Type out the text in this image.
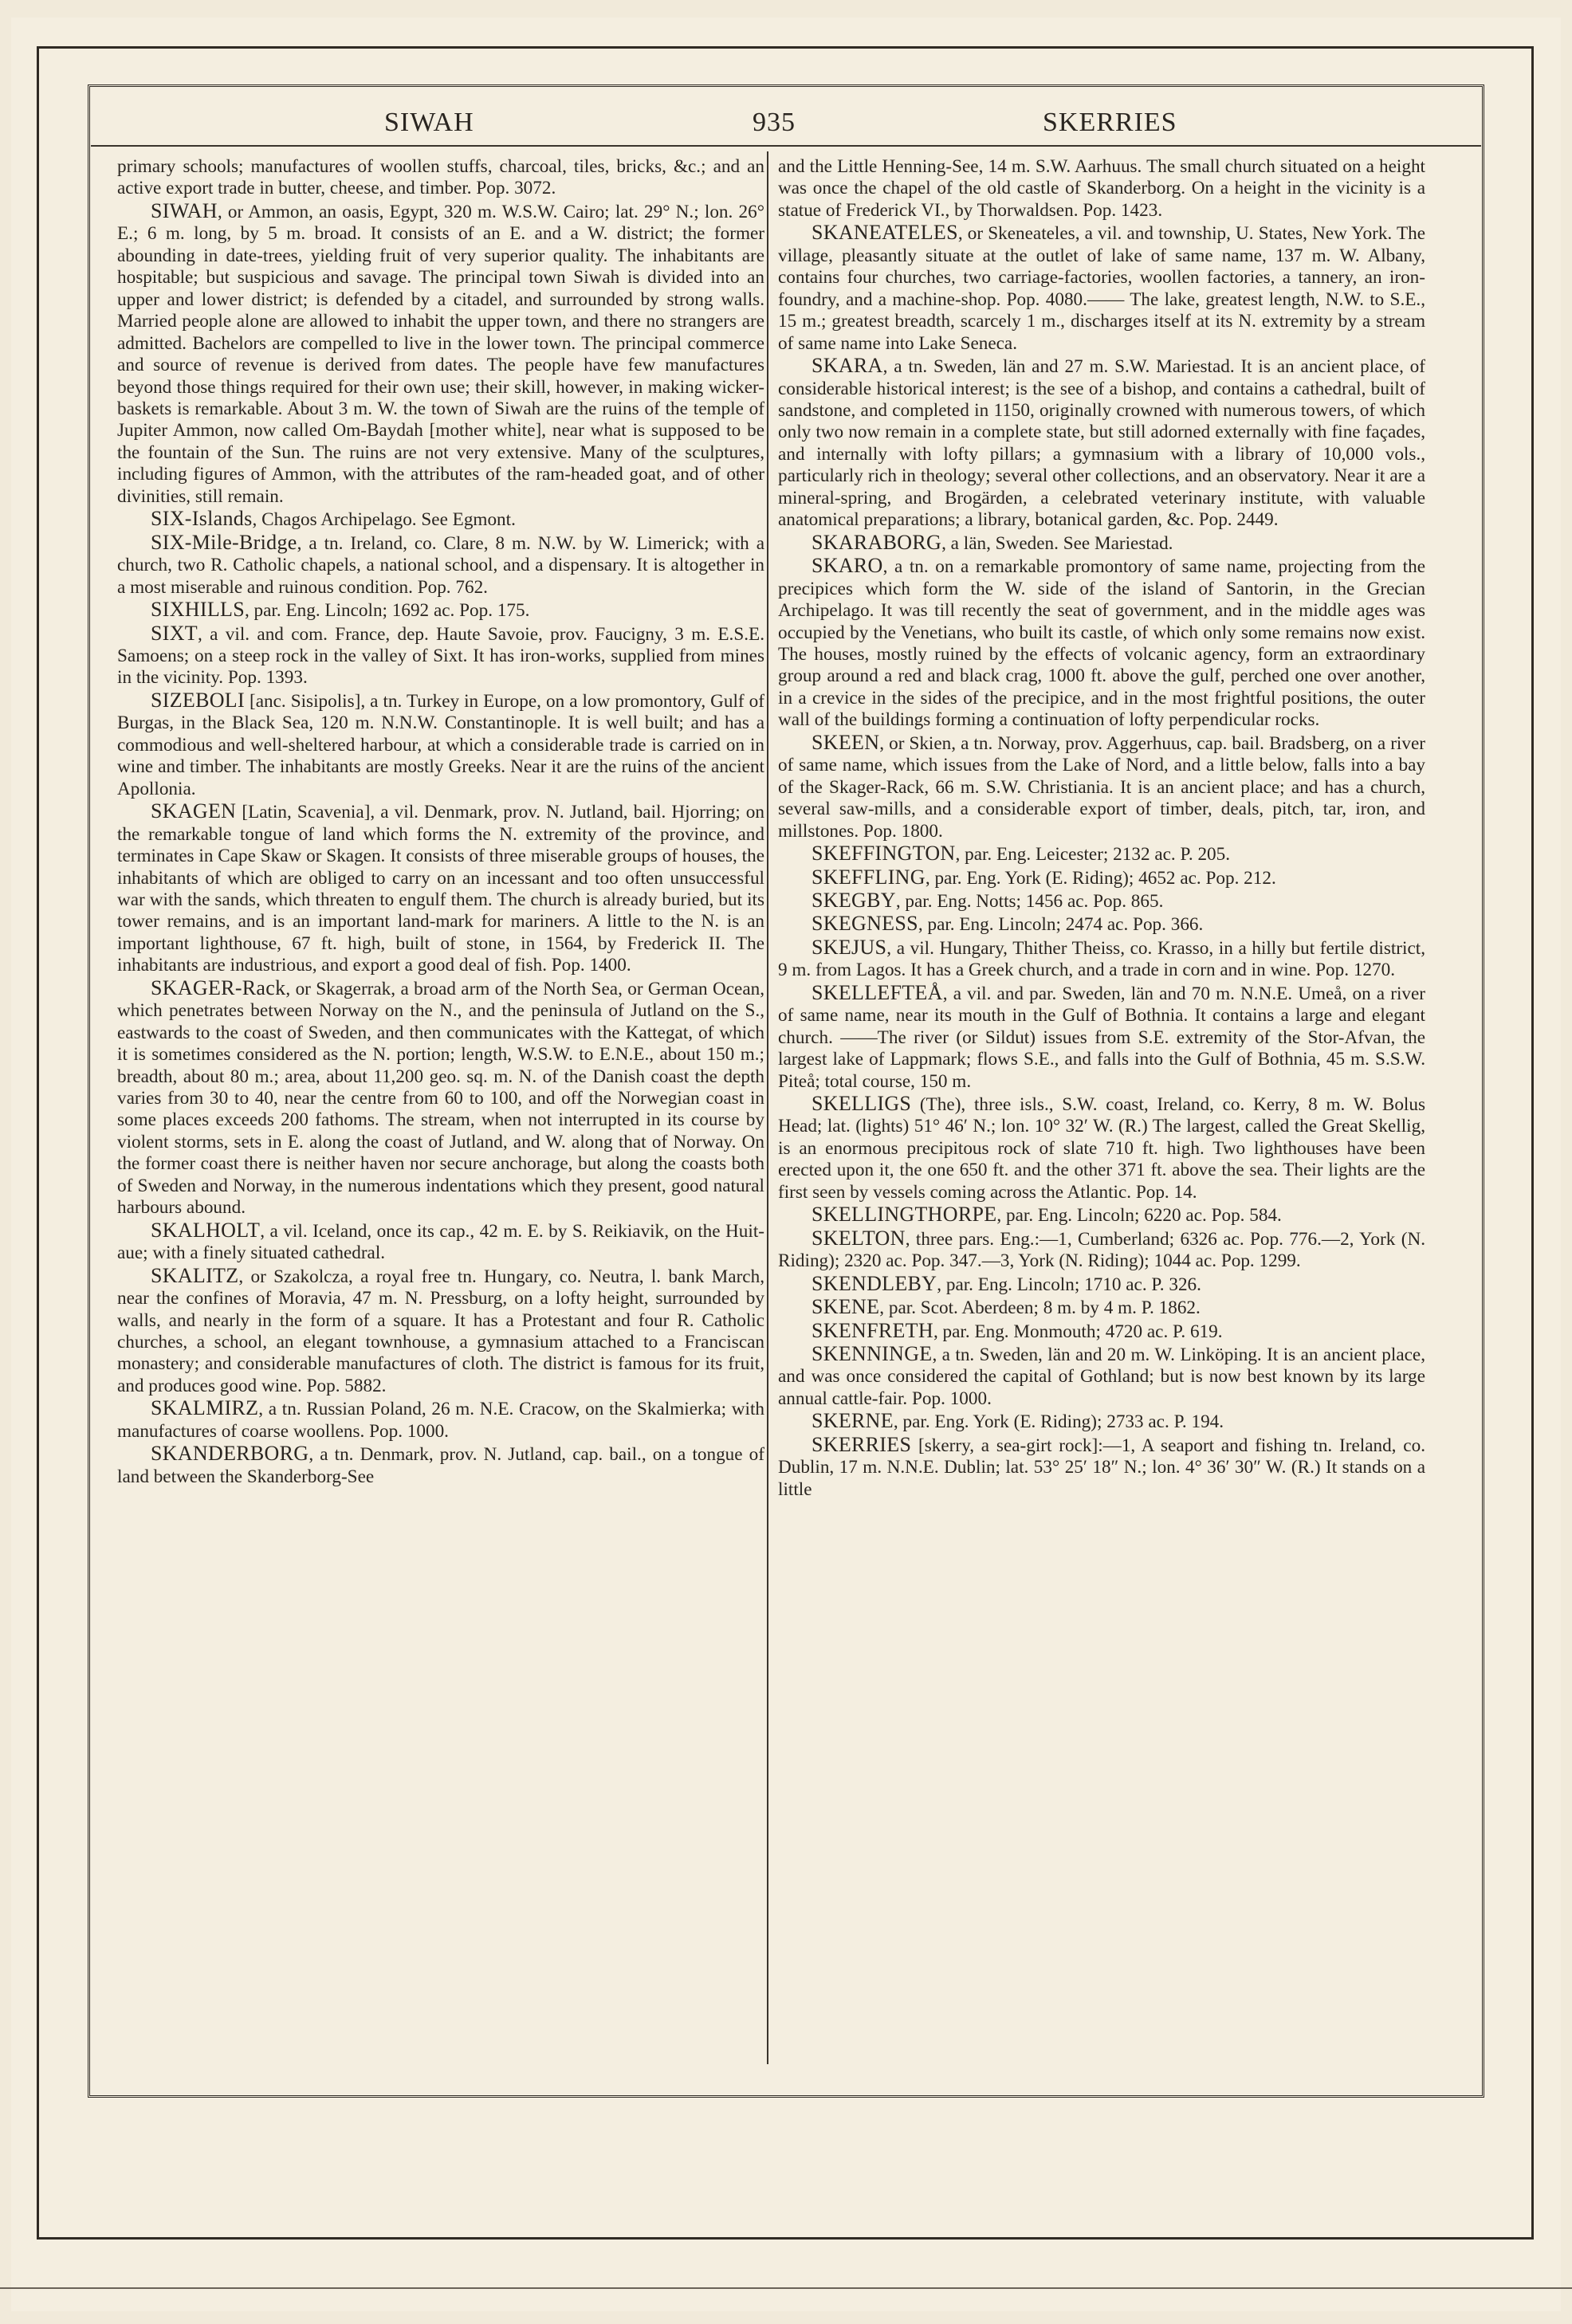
SIWAH	935	SKERRIES

primary schools; manufactures of woollen stuffs, charcoal, tiles, bricks, &c.; and an active export trade in butter, cheese, and timber. Pop. 3072.

SIWAH, or Ammon, an oasis, Egypt, 320 m. W.S.W. Cairo; lat. 29° N.; lon. 26° E.; 6 m. long, by 5 m. broad. It consists of an E. and a W. district; the former abounding in date-trees, yielding fruit of very superior quality. The inhabitants are hospitable; but suspicious and savage. The principal town Siwah is divided into an upper and lower district; is defended by a citadel, and surrounded by strong walls. Married people alone are allowed to inhabit the upper town, and there no strangers are admitted. Bachelors are compelled to live in the lower town. The principal commerce and source of revenue is derived from dates. The people have few manufactures beyond those things required for their own use; their skill, however, in making wicker-baskets is remarkable. About 3 m. W. the town of Siwah are the ruins of the temple of Jupiter Ammon, now called Om-Baydah [mother white], near what is supposed to be the fountain of the Sun. The ruins are not very extensive. Many of the sculptures, including figures of Ammon, with the attributes of the ram-headed goat, and of other divinities, still remain.

SIX-Islands, Chagos Archipelago. See Egmont.

SIX-Mile-Bridge, a tn. Ireland, co. Clare, 8 m. N.W. by W. Limerick; with a church, two R. Catholic chapels, a national school, and a dispensary. It is altogether in a most miserable and ruinous condition. Pop. 762.

SIXHILLS, par. Eng. Lincoln; 1692 ac. Pop. 175.

SIXT, a vil. and com. France, dep. Haute Savoie, prov. Faucigny, 3 m. E.S.E. Samoens; on a steep rock in the valley of Sixt. It has iron-works, supplied from mines in the vicinity. Pop. 1393.

SIZEBOLI [anc. Sisipolis], a tn. Turkey in Europe, on a low promontory, Gulf of Burgas, in the Black Sea, 120 m. N.N.W. Constantinople. It is well built; and has a commodious and well-sheltered harbour, at which a considerable trade is carried on in wine and timber. The inhabitants are mostly Greeks. Near it are the ruins of the ancient Apollonia.

SKAGEN [Latin, Scavenia], a vil. Denmark, prov. N. Jutland, bail. Hjorring; on the remarkable tongue of land which forms the N. extremity of the province, and terminates in Cape Skaw or Skagen. It consists of three miserable groups of houses, the inhabitants of which are obliged to carry on an incessant and too often unsuccessful war with the sands, which threaten to engulf them. The church is already buried, but its tower remains, and is an important land-mark for mariners. A little to the N. is an important lighthouse, 67 ft. high, built of stone, in 1564, by Frederick II. The inhabitants are industrious, and export a good deal of fish. Pop. 1400.

SKAGER-Rack, or Skagerrak, a broad arm of the North Sea, or German Ocean, which penetrates between Norway on the N., and the peninsula of Jutland on the S., eastwards to the coast of Sweden, and then communicates with the Kattegat, of which it is sometimes considered as the N. portion; length, W.S.W. to E.N.E., about 150 m.; breadth, about 80 m.; area, about 11,200 geo. sq. m. N. of the Danish coast the depth varies from 30 to 40, near the centre from 60 to 100, and off the Norwegian coast in some places exceeds 200 fathoms. The stream, when not interrupted in its course by violent storms, sets in E. along the coast of Jutland, and W. along that of Norway. On the former coast there is neither haven nor secure anchorage, but along the coasts both of Sweden and Norway, in the numerous indentations which they present, good natural harbours abound.

SKALHOLT, a vil. Iceland, once its cap., 42 m. E. by S. Reikiavik, on the Huit-aue; with a finely situated cathedral.

SKALITZ, or Szakolcza, a royal free tn. Hungary, co. Neutra, l. bank March, near the confines of Moravia, 47 m. N. Pressburg, on a lofty height, surrounded by walls, and nearly in the form of a square. It has a Protestant and four R. Catholic churches, a school, an elegant townhouse, a gymnasium attached to a Franciscan monastery; and considerable manufactures of cloth. The district is famous for its fruit, and produces good wine. Pop. 5882.

SKALMIRZ, a tn. Russian Poland, 26 m. N.E. Cracow, on the Skalmierka; with manufactures of coarse woollens. Pop. 1000.

SKANDERBORG, a tn. Denmark, prov. N. Jutland, cap. bail., on a tongue of land between the Skanderborg-See

and the Little Henning-See, 14 m. S.W. Aarhuus. The small church situated on a height was once the chapel of the old castle of Skanderborg. On a height in the vicinity is a statue of Frederick VI., by Thorwaldsen. Pop. 1423.

SKANEATELES, or Skeneateles, a vil. and township, U. States, New York. The village, pleasantly situate at the outlet of lake of same name, 137 m. W. Albany, contains four churches, two carriage-factories, woollen factories, a tannery, an iron-foundry, and a machine-shop. Pop. 4080.—— The lake, greatest length, N.W. to S.E., 15 m.; greatest breadth, scarcely 1 m., discharges itself at its N. extremity by a stream of same name into Lake Seneca.

SKARA, a tn. Sweden, län and 27 m. S.W. Mariestad. It is an ancient place, of considerable historical interest; is the see of a bishop, and contains a cathedral, built of sandstone, and completed in 1150, originally crowned with numerous towers, of which only two now remain in a complete state, but still adorned externally with fine façades, and internally with lofty pillars; a gymnasium with a library of 10,000 vols., particularly rich in theology; several other collections, and an observatory. Near it are a mineral-spring, and Brogärden, a celebrated veterinary institute, with valuable anatomical preparations; a library, botanical garden, &c. Pop. 2449.

SKARABORG, a län, Sweden. See Mariestad.

SKARO, a tn. on a remarkable promontory of same name, projecting from the precipices which form the W. side of the island of Santorin, in the Grecian Archipelago. It was till recently the seat of government, and in the middle ages was occupied by the Venetians, who built its castle, of which only some remains now exist. The houses, mostly ruined by the effects of volcanic agency, form an extraordinary group around a red and black crag, 1000 ft. above the gulf, perched one over another, in a crevice in the sides of the precipice, and in the most frightful positions, the outer wall of the buildings forming a continuation of lofty perpendicular rocks.

SKEEN, or Skien, a tn. Norway, prov. Aggerhuus, cap. bail. Bradsberg, on a river of same name, which issues from the Lake of Nord, and a little below, falls into a bay of the Skager-Rack, 66 m. S.W. Christiania. It is an ancient place; and has a church, several saw-mills, and a considerable export of timber, deals, pitch, tar, iron, and millstones. Pop. 1800.

SKEFFINGTON, par. Eng. Leicester; 2132 ac. P. 205.

SKEFFLING, par. Eng. York (E. Riding); 4652 ac. Pop. 212.

SKEGBY, par. Eng. Notts; 1456 ac. Pop. 865.

SKEGNESS, par. Eng. Lincoln; 2474 ac. Pop. 366.

SKEJUS, a vil. Hungary, Thither Theiss, co. Krasso, in a hilly but fertile district, 9 m. from Lagos. It has a Greek church, and a trade in corn and in wine. Pop. 1270.

SKELLEFTEÅ, a vil. and par. Sweden, län and 70 m. N.N.E. Umeå, on a river of same name, near its mouth in the Gulf of Bothnia. It contains a large and elegant church. ——The river (or Sildut) issues from S.E. extremity of the Stor-Afvan, the largest lake of Lappmark; flows S.E., and falls into the Gulf of Bothnia, 45 m. S.S.W. Piteå; total course, 150 m.

SKELLIGS (The), three isls., S.W. coast, Ireland, co. Kerry, 8 m. W. Bolus Head; lat. (lights) 51° 46′ N.; lon. 10° 32′ W. (R.) The largest, called the Great Skellig, is an enormous precipitous rock of slate 710 ft. high. Two lighthouses have been erected upon it, the one 650 ft. and the other 371 ft. above the sea. Their lights are the first seen by vessels coming across the Atlantic. Pop. 14.

SKELLINGTHORPE, par. Eng. Lincoln; 6220 ac. Pop. 584.

SKELTON, three pars. Eng.:—1, Cumberland; 6326 ac. Pop. 776.—2, York (N. Riding); 2320 ac. Pop. 347.—3, York (N. Riding); 1044 ac. Pop. 1299.

SKENDLEBY, par. Eng. Lincoln; 1710 ac. P. 326.

SKENE, par. Scot. Aberdeen; 8 m. by 4 m. P. 1862.

SKENFRETH, par. Eng. Monmouth; 4720 ac. P. 619.

SKENNINGE, a tn. Sweden, län and 20 m. W. Linköping. It is an ancient place, and was once considered the capital of Gothland; but is now best known by its large annual cattle-fair. Pop. 1000.

SKERNE, par. Eng. York (E. Riding); 2733 ac. P. 194.

SKERRIES [skerry, a sea-girt rock]:—1, A seaport and fishing tn. Ireland, co. Dublin, 17 m. N.N.E. Dublin; lat. 53° 25′ 18″ N.; lon. 4° 36′ 30″ W. (R.) It stands on a little
